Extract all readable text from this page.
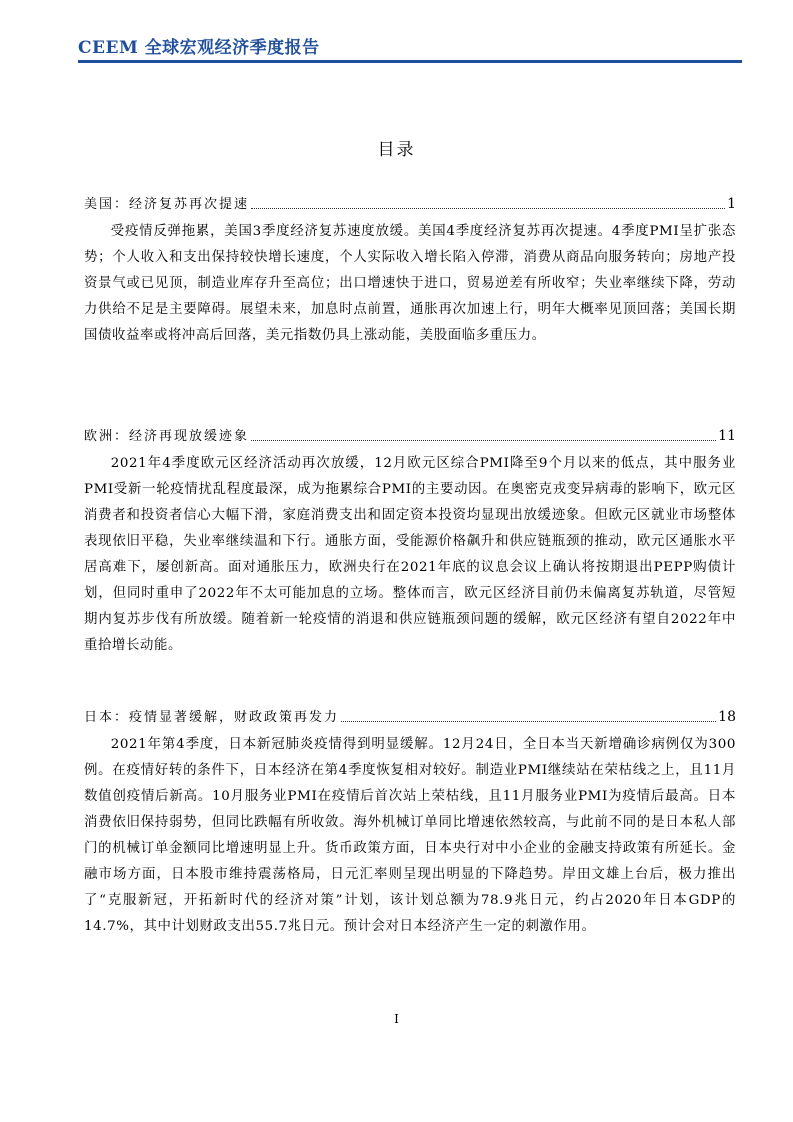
CEEM 全球宏观经济季度报告
目录
美国：经济复苏再次提速	1

受疫情反弹拖累，美国3季度经济复苏速度放缓。美国4季度经济复苏再次提速。4季度PMI呈扩张态势；个人收入和支出保持较快增长速度，个人实际收入增长陷入停滞，消费从商品向服务转向；房地产投资景气或已见顶，制造业库存升至高位；出口增速快于进口，贸易逆差有所收窄；失业率继续下降，劳动力供给不足是主要障碍。展望未来，加息时点前置，通胀再次加速上行，明年大概率见顶回落；美国长期国债收益率或将冲高后回落，美元指数仍具上涨动能，美股面临多重压力。

欧洲：经济再现放缓迹象	11

2021年4季度欧元区经济活动再次放缓，12月欧元区综合PMI降至9个月以来的低点，其中服务业PMI受新一轮疫情扰乱程度最深，成为拖累综合PMI的主要动因。在奥密克戎变异病毒的影响下，欧元区消费者和投资者信心大幅下滑，家庭消费支出和固定资本投资均显现出放缓迹象。但欧元区就业市场整体表现依旧平稳，失业率继续温和下行。通胀方面，受能源价格飙升和供应链瓶颈的推动，欧元区通胀水平居高难下，屡创新高。面对通胀压力，欧洲央行在2021年底的议息会议上确认将按期退出PEPP购债计划，但同时重申了2022年不太可能加息的立场。整体而言，欧元区经济目前仍未偏离复苏轨道，尽管短期内复苏步伐有所放缓。随着新一轮疫情的消退和供应链瓶颈问题的缓解，欧元区经济有望自2022年中重拾增长动能。

日本：疫情显著缓解，财政政策再发力	18

2021年第4季度，日本新冠肺炎疫情得到明显缓解。12月24日，全日本当天新增确诊病例仅为300例。在疫情好转的条件下，日本经济在第4季度恢复相对较好。制造业PMI继续站在荣枯线之上，且11月数值创疫情后新高。10月服务业PMI在疫情后首次站上荣枯线，且11月服务业PMI为疫情后最高。日本消费依旧保持弱势，但同比跌幅有所收敛。海外机械订单同比增速依然较高，与此前不同的是日本私人部门的机械订单金额同比增速明显上升。货币政策方面，日本央行对中小企业的金融支持政策有所延长。金融市场方面，日本股市维持震荡格局，日元汇率则呈现出明显的下降趋势。岸田文雄上台后，极力推出了“克服新冠，开拓新时代的经济对策”计划，该计划总额为78.9兆日元，约占2020年日本GDP的14.7%，其中计划财政支出55.7兆日元。预计会对日本经济产生一定的刺激作用。

I
